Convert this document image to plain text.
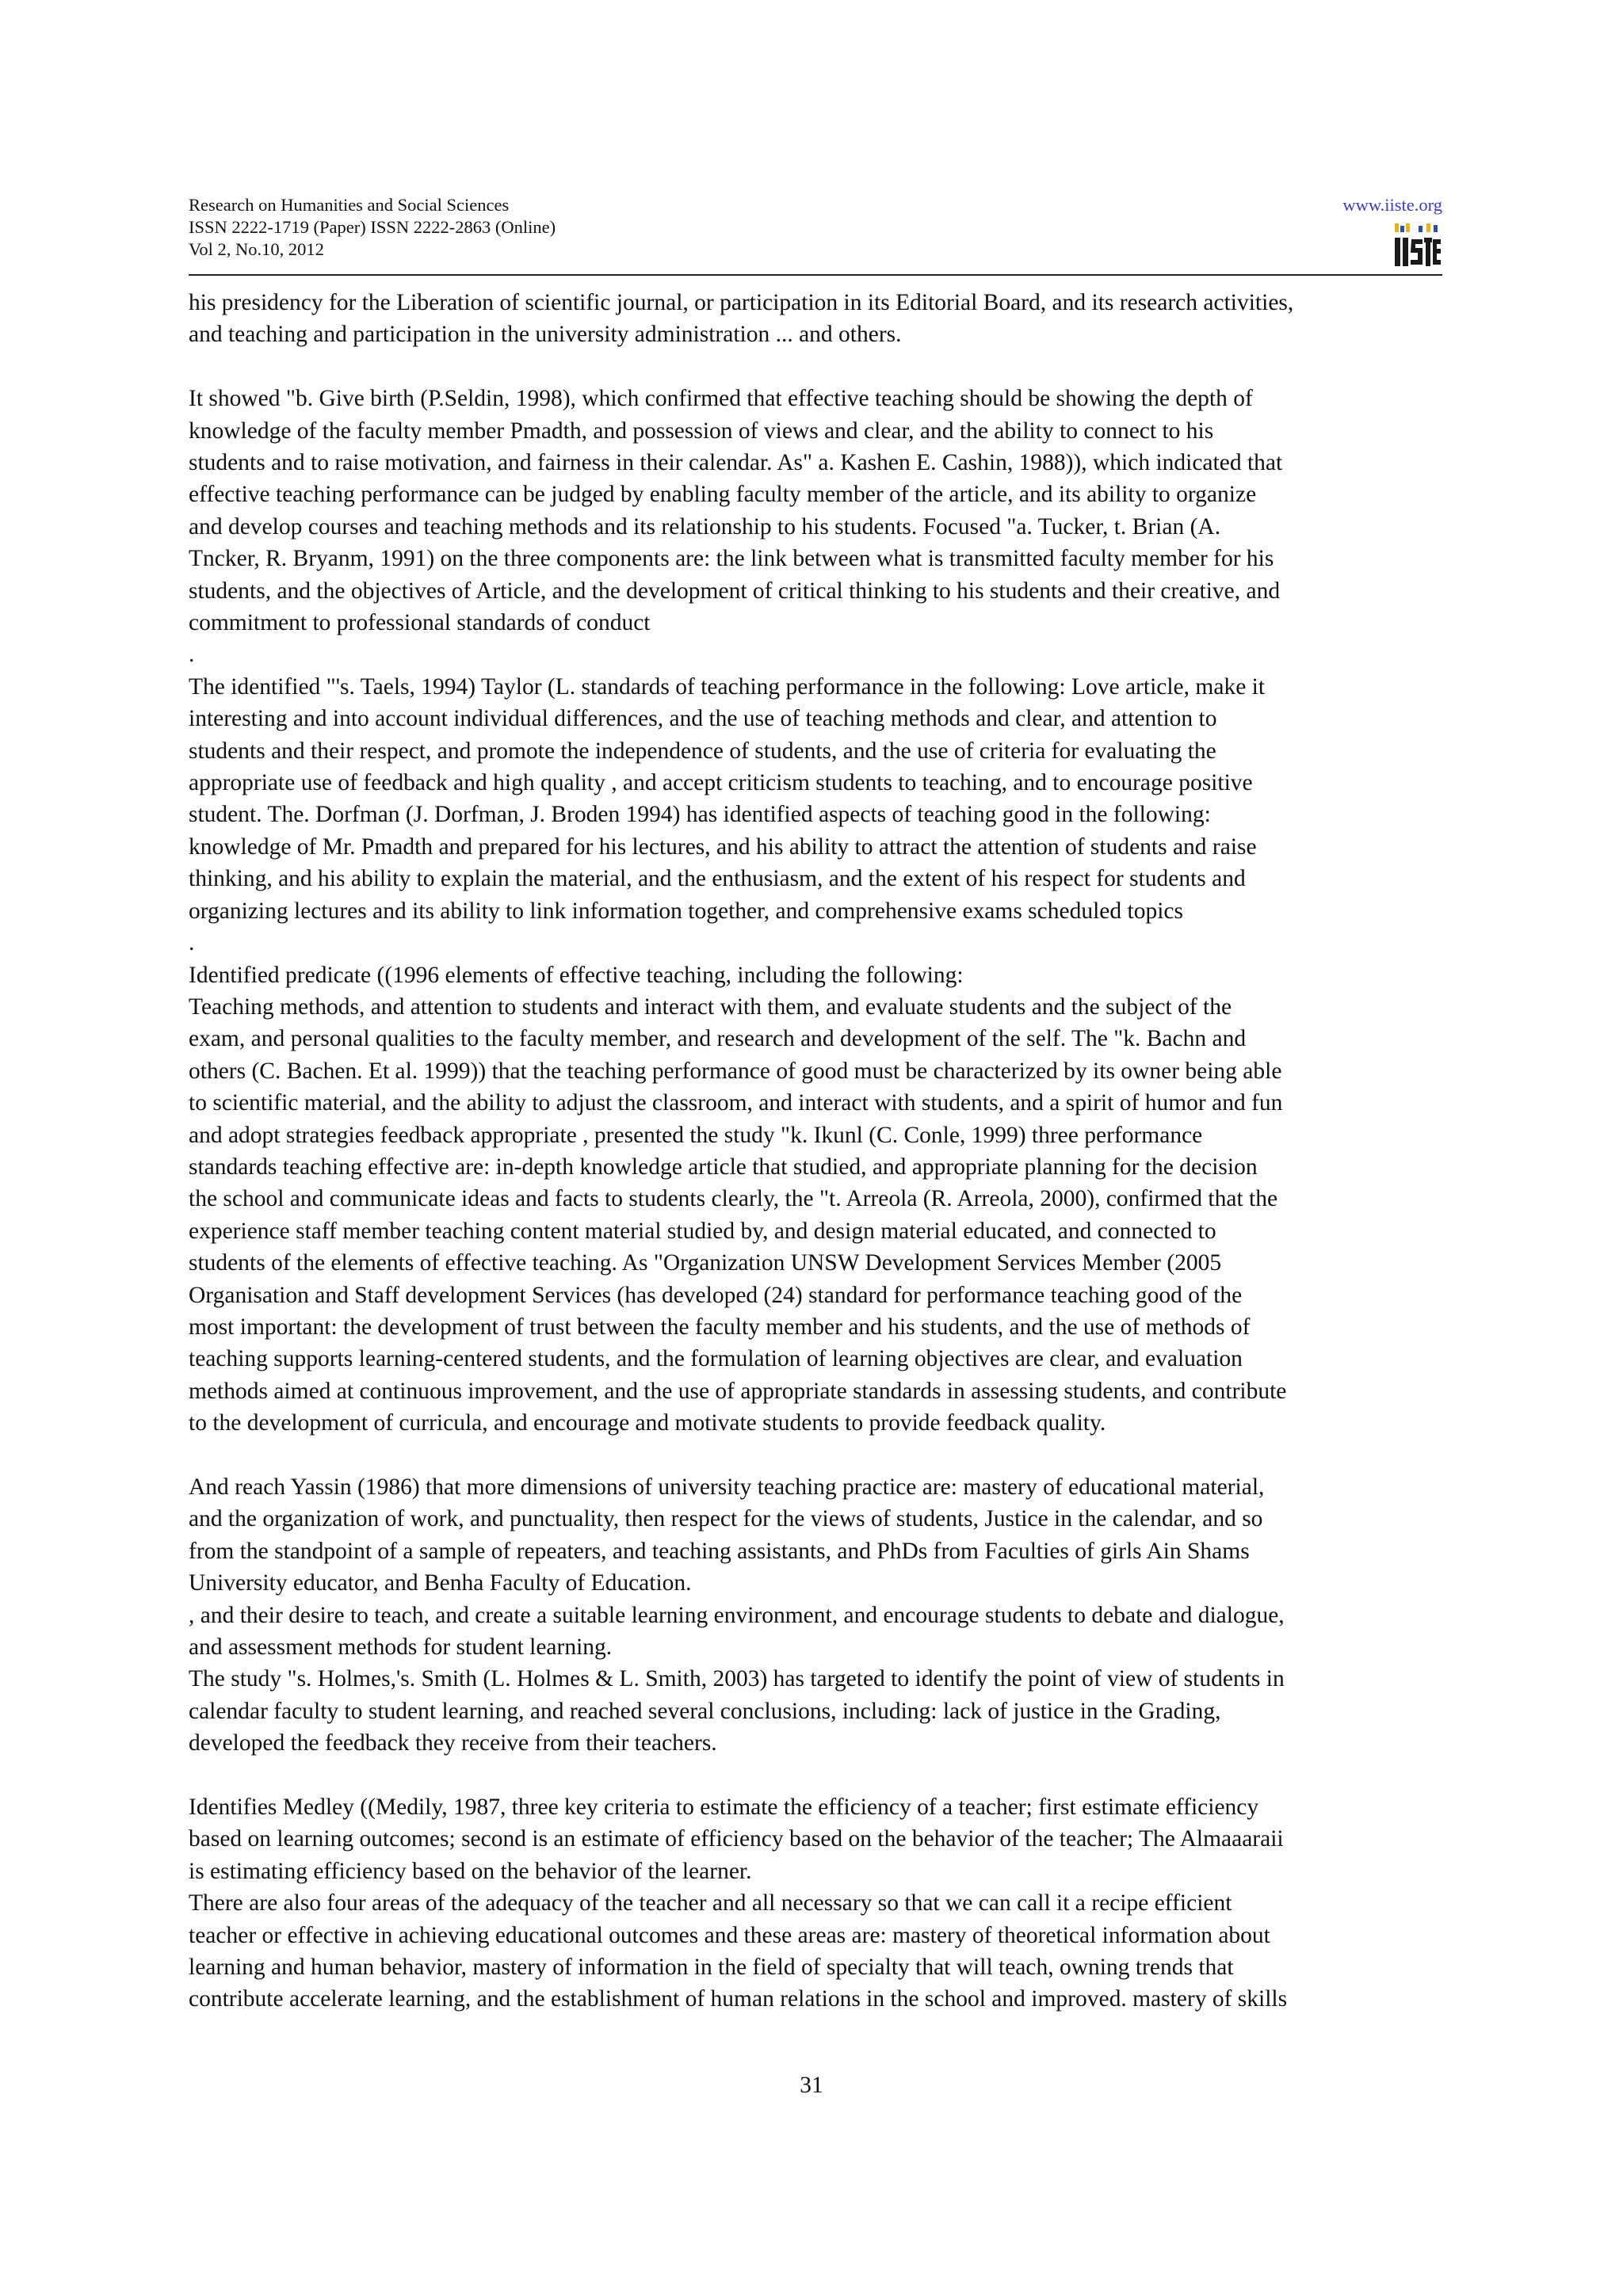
Research on Humanities and Social Sciences
ISSN 2222-1719 (Paper) ISSN 2222-2863 (Online)
Vol 2, No.10, 2012
www.iiste.org

his presidency for the Liberation of scientific journal, or participation in its Editorial Board, and its research activities,
and teaching and participation in the university administration ... and others.

It showed "b. Give birth (P.Seldin, 1998), which confirmed that effective teaching should be showing the depth of
knowledge of the faculty member Pmadth, and possession of views and clear, and the ability to connect to his
students and to raise motivation, and fairness in their calendar. As" a. Kashen E. Cashin, 1988)), which indicated that
effective teaching performance can be judged by enabling faculty member of the article, and its ability to organize
and develop courses and teaching methods and its relationship to his students. Focused "a. Tucker, t. Brian (A.
Tncker, R. Bryanm, 1991) on the three components are: the link between what is transmitted faculty member for his
students, and the objectives of Article, and the development of critical thinking to his students and their creative, and
commitment to professional standards of conduct
.

The identified "'s. Taels, 1994) Taylor (L. standards of teaching performance in the following: Love article, make it
interesting and into account individual differences, and the use of teaching methods and clear, and attention to
students and their respect, and promote the independence of students, and the use of criteria for evaluating the
appropriate use of feedback and high quality , and accept criticism students to teaching, and to encourage positive
student. The. Dorfman (J. Dorfman, J. Broden 1994) has identified aspects of teaching good in the following:
knowledge of Mr. Pmadth and prepared for his lectures, and his ability to attract the attention of students and raise
thinking, and his ability to explain the material, and the enthusiasm, and the extent of his respect for students and
organizing lectures and its ability to link information together, and comprehensive exams scheduled topics
.

Identified predicate ((1996 elements of effective teaching, including the following:
Teaching methods, and attention to students and interact with them, and evaluate students and the subject of the
exam, and personal qualities to the faculty member, and research and development of the self. The "k. Bachn and
others (C. Bachen. Et al. 1999)) that the teaching performance of good must be characterized by its owner being able
to scientific material, and the ability to adjust the classroom, and interact with students, and a spirit of humor and fun
and adopt strategies feedback appropriate , presented the study "k. Ikunl (C. Conle, 1999) three performance
standards teaching effective are: in-depth knowledge article that studied, and appropriate planning for the decision
the school and communicate ideas and facts to students clearly, the "t. Arreola (R. Arreola, 2000), confirmed that the
experience staff member teaching content material studied by, and design material educated, and connected to
students of the elements of effective teaching. As "Organization UNSW Development Services Member (2005
Organisation and Staff development Services (has developed (24) standard for performance teaching good of the
most important: the development of trust between the faculty member and his students, and the use of methods of
teaching supports learning-centered students, and the formulation of learning objectives are clear, and evaluation
methods aimed at continuous improvement, and the use of appropriate standards in assessing students, and contribute
to the development of curricula, and encourage and motivate students to provide feedback quality.

And reach Yassin (1986) that more dimensions of university teaching practice are: mastery of educational material,
and the organization of work, and punctuality, then respect for the views of students, Justice in the calendar, and so
from the standpoint of a sample of repeaters, and teaching assistants, and PhDs from Faculties of girls Ain Shams
University educator, and Benha Faculty of Education.
, and their desire to teach, and create a suitable learning environment, and encourage students to debate and dialogue,
and assessment methods for student learning.
The study "s. Holmes,'s. Smith (L. Holmes & L. Smith, 2003) has targeted to identify the point of view of students in
calendar faculty to student learning, and reached several conclusions, including: lack of justice in the Grading,
developed the feedback they receive from their teachers.

Identifies Medley ((Medily, 1987, three key criteria to estimate the efficiency of a teacher; first estimate efficiency
based on learning outcomes; second is an estimate of efficiency based on the behavior of the teacher; The Almaaaraii
is estimating efficiency based on the behavior of the learner.
There are also four areas of the adequacy of the teacher and all necessary so that we can call it a recipe efficient
teacher or effective in achieving educational outcomes and these areas are: mastery of theoretical information about
learning and human behavior, mastery of information in the field of specialty that will teach, owning trends that
contribute accelerate learning, and the establishment of human relations in the school and improved. mastery of skills

31
